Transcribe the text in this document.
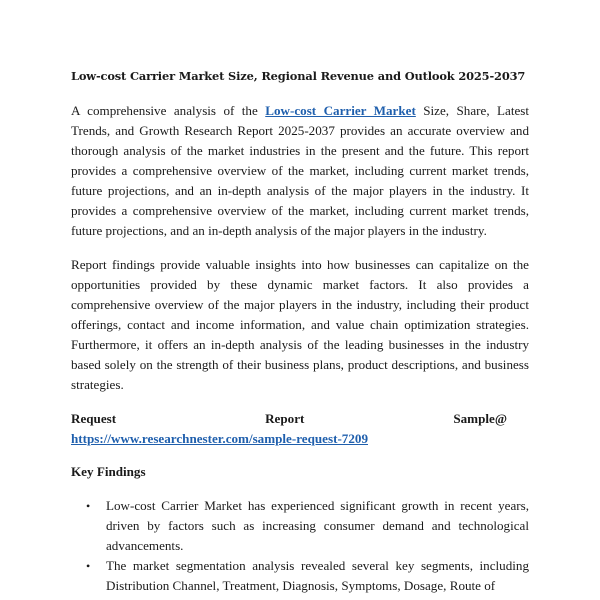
Low-cost Carrier Market Size, Regional Revenue and Outlook 2025-2037

A comprehensive analysis of the Low-cost Carrier Market Size, Share, Latest Trends, and Growth Research Report 2025-2037 provides an accurate overview and thorough analysis of the market industries in the present and the future. This report provides a comprehensive overview of the market, including current market trends, future projections, and an in-depth analysis of the major players in the industry. It provides a comprehensive overview of the market, including current market trends, future projections, and an in-depth analysis of the major players in the industry.

Report findings provide valuable insights into how businesses can capitalize on the opportunities provided by these dynamic market factors. It also provides a comprehensive overview of the major players in the industry, including their product offerings, contact and income information, and value chain optimization strategies. Furthermore, it offers an in-depth analysis of the leading businesses in the industry based solely on the strength of their business plans, product descriptions, and business strategies.

Request Report Sample@https://www.researchnester.com/sample-request-7209

Key Findings
• Low-cost Carrier Market has experienced significant growth in recent years, driven by factors such as increasing consumer demand and technological advancements.
• The market segmentation analysis revealed several key segments, including Distribution Channel, Treatment, Diagnosis, Symptoms, Dosage, Route of
